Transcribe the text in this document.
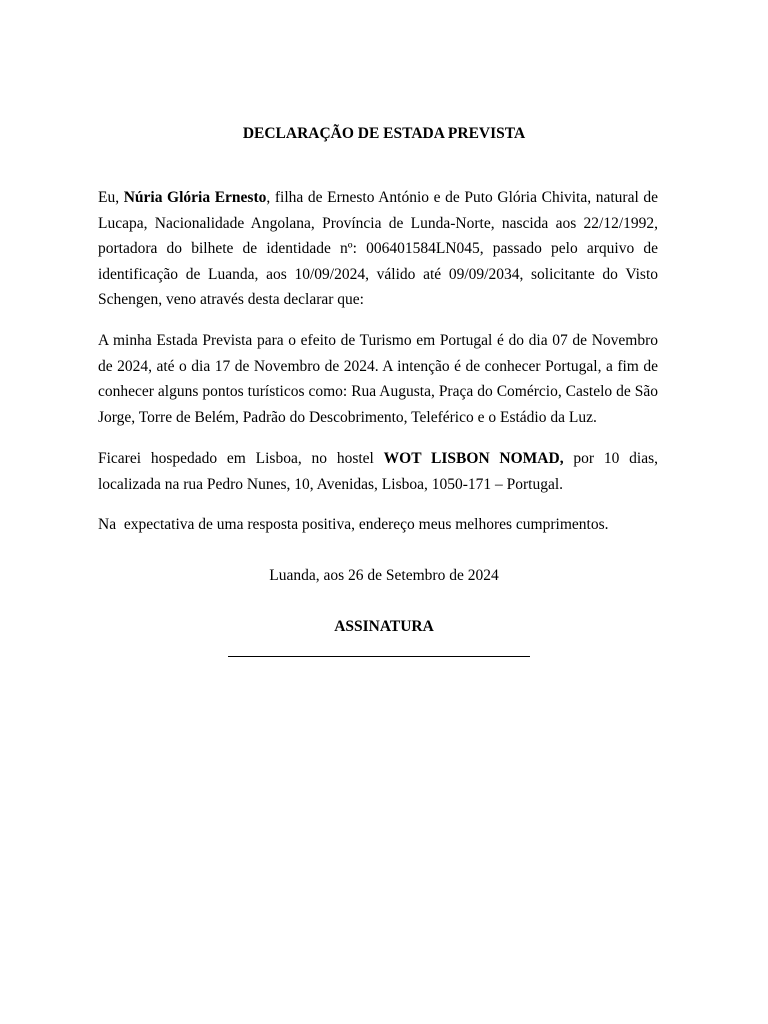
DECLARAÇÃO DE ESTADA PREVISTA

Eu, Núria Glória Ernesto, filha de Ernesto António e de Puto Glória Chivita, natural de Lucapa, Nacionalidade Angolana, Província de Lunda-Norte, nascida aos 22/12/1992, portadora do bilhete de identidade nº: 006401584LN045, passado pelo arquivo de identificação de Luanda, aos 10/09/2024, válido até 09/09/2034, solicitante do Visto Schengen, veno através desta declarar que:

A minha Estada Prevista para o efeito de Turismo em Portugal é do dia 07 de Novembro de 2024, até o dia 17 de Novembro de 2024. A intenção é de conhecer Portugal, a fim de conhecer alguns pontos turísticos como: Rua Augusta, Praça do Comércio, Castelo de São Jorge, Torre de Belém, Padrão do Descobrimento, Teleférico e o Estádio da Luz.

Ficarei hospedado em Lisboa, no hostel WOT LISBON NOMAD, por 10 dias, localizada na rua Pedro Nunes, 10, Avenidas, Lisboa, 1050-171 – Portugal.

Na  expectativa de uma resposta positiva, endereço meus melhores cumprimentos.

Luanda, aos 26 de Setembro de 2024
ASSINATURA
